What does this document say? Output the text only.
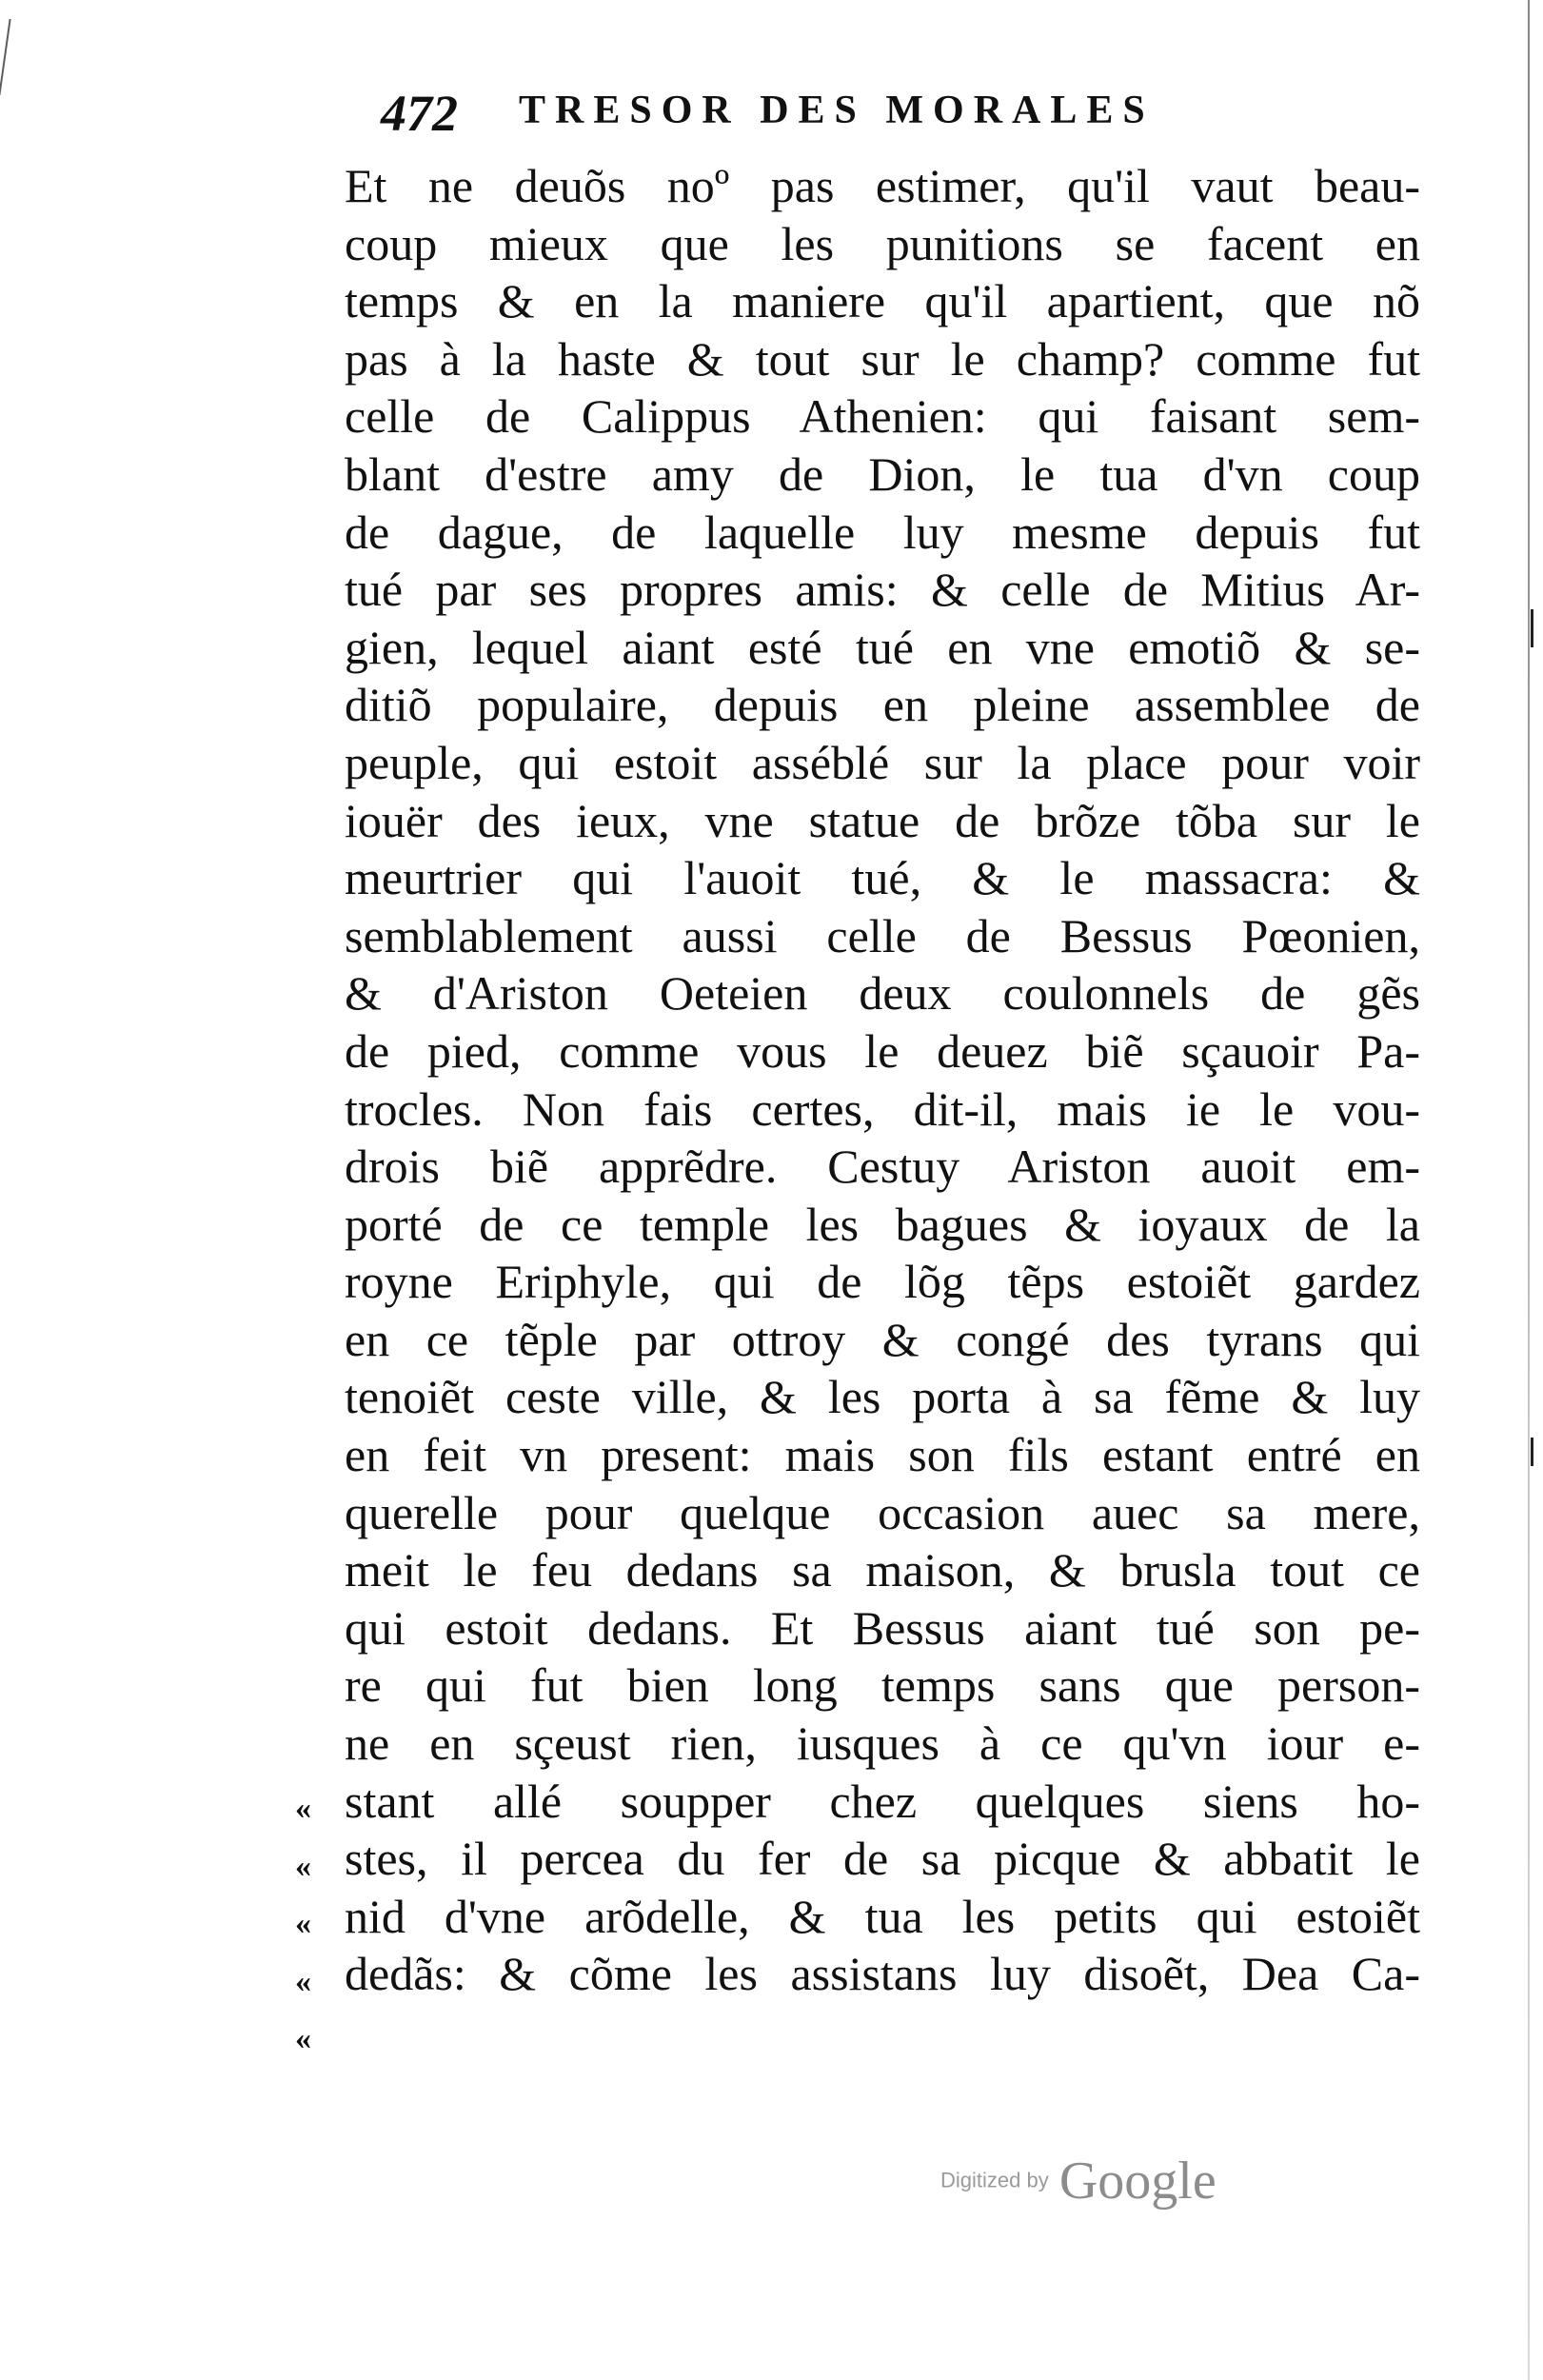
472 TRESOR DES MORALES
Et ne deuõs noº pas estimer, qu'il vaut beau-
coup mieux que les punitions se facent en
temps & en la maniere qu'il apartient, que nõ
pas à la haste & tout sur le champ? comme fut
celle de Calippus Athenien: qui faisant sem-
blant d'estre amy de Dion, le tua d'vn coup
de dague, de laquelle luy mesme depuis fut
tué par ses propres amis: & celle de Mitius Ar-
gien, lequel aiant esté tué en vne emotiõ & se-
ditiõ populaire, depuis en pleine assemblee de
peuple, qui estoit asséblé sur la place pour voir
iouër des ieux, vne statue de brõze tõba sur le
meurtrier qui l'auoit tué, & le massacra: &
semblablement aussi celle de Bessus Pœonien,
& d'Ariston Oeteien deux coulonnels de gẽs
de pied, comme vous le deuez biẽ sçauoir Pa-
trocles. Non fais certes, dit-il, mais ie le vou-
drois biẽ apprẽdre. Cestuy Ariston auoit em-
porté de ce temple les bagues & ioyaux de la
royne Eriphyle, qui de lõg tẽps estoiẽt gardez
en ce tẽple par ottroy & congé des tyrans qui
tenoiẽt ceste ville, & les porta à sa fẽme & luy
en feit vn present: mais son fils estant entré en
querelle pour quelque occasion auec sa mere,
meit le feu dedans sa maison, & brusla tout ce
qui estoit dedans. Et Bessus aiant tué son pe-
re qui fut bien long temps sans que person-
ne en sçeust rien, iusques à ce qu'vn iour e-
stant allé soupper chez quelques siens ho-
stes, il percea du fer de sa picque & abbatit le
nid d'vne arõdelle, & tua les petits qui estoiẽt
dedãs: & cõme les assistans luy disoẽt, Dea Ca-
«
«
«
«
«
Digitized by Google
